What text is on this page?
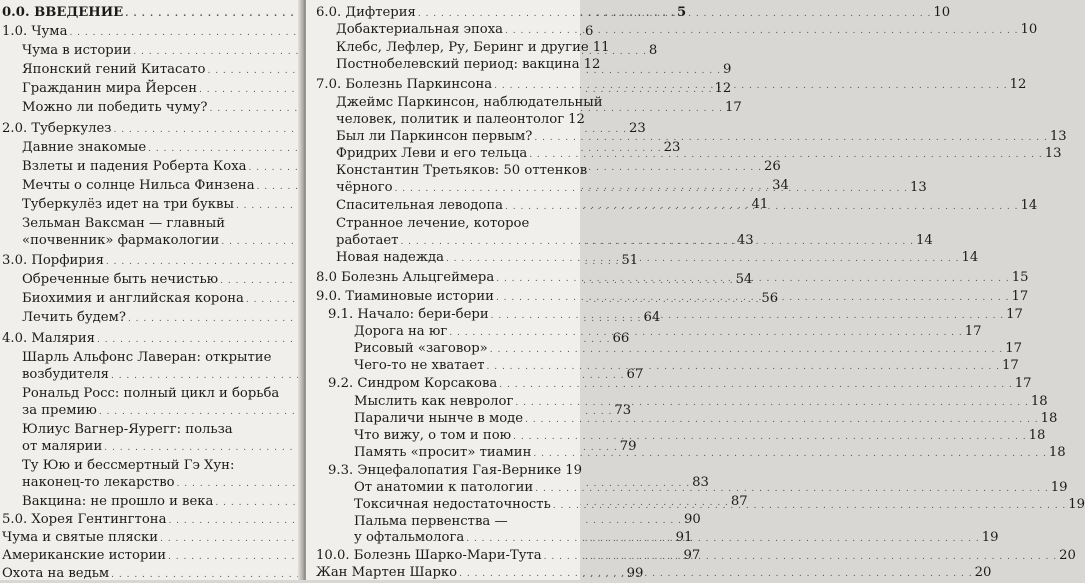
0.0. ВВЕДЕНИЕ . . .	5
1.0. Чума . . .	6
Чума в истории . . .	8
Японский гений Китасато . . .	9
Гражданин мира Йерсен . . .	12
Можно ли победить чуму? . . .	17
2.0. Туберкулез . . .	23
Давние знакомые . . .	23
Взлеты и падения Роберта Коха . . .	26
Мечты о солнце Нильса Финзена . . .	34
Туберкулёз идет на три буквы . . .	41
Зельман Ваксман — главный
«почвенник» фармакологии . . .	43
3.0. Порфирия . . .	51
Обреченные быть нечистью . . .	54
Биохимия и английская корона . . .	56
Лечить будем? . . .	64
4.0. Малярия . . .	66
Шарль Альфонс Лаверан: открытие
возбудителя . . .	67
Рональд Росс: полный цикл и борьба
за премию . . .	73
Юлиус Вагнер-Яурегг: польза
от малярии . . .	79
Ту Юю и бессмертный Гэ Хун:
наконец-то лекарство . . .	83
Вакцина: не прошло и века . . .	87
5.0. Хорея Гентингтона . . .	90
Чума и святые пляски . . .	91
Американские истории . . .	97
Охота на ведьм . . .	99
6.0. Дифтерия . . .	10
Добактериальная эпоха . . .	10
Клебс, Лефлер, Ру, Беринг и другие 11
Постнобелевский период: вакцина 12
7.0. Болезнь Паркинсона . . .	12
Джеймс Паркинсон, наблюдательный
человек, политик и палеонтолог 12
Был ли Паркинсон первым? . . .	13
Фридрих Леви и его тельца . . .	13
Константин Третьяков: 50 оттенков
чёрного . . .	13
Спасительная леводопа . . .	14
Странное лечение, которое
работает . . .	14
Новая надежда . . .	14
8.0 Болезнь Альцгеймера . . .	15
9.0. Тиаминовые истории . . .	17
9.1. Начало: бери-бери . . .	17
Дорога на юг . . .	17
Рисовый «заговор» . . .	17
Чего-то не хватает . . .	17
9.2. Синдром Корсакова . . .	17
Мыслить как невролог . . .	18
Параличи нынче в моде . . .	18
Что вижу, о том и пою . . .	18
Память «просит» тиамин . . .	18
9.3. Энцефалопатия Гая-Вернике 19
От анатомии к патологии . . .	19
Токсичная недостаточность . . .	19
Пальма первенства —
у офтальмолога . . .	19
10.0. Болезнь Шарко-Мари-Тута . . .	20
Жан Мартен Шарко . . .	20
